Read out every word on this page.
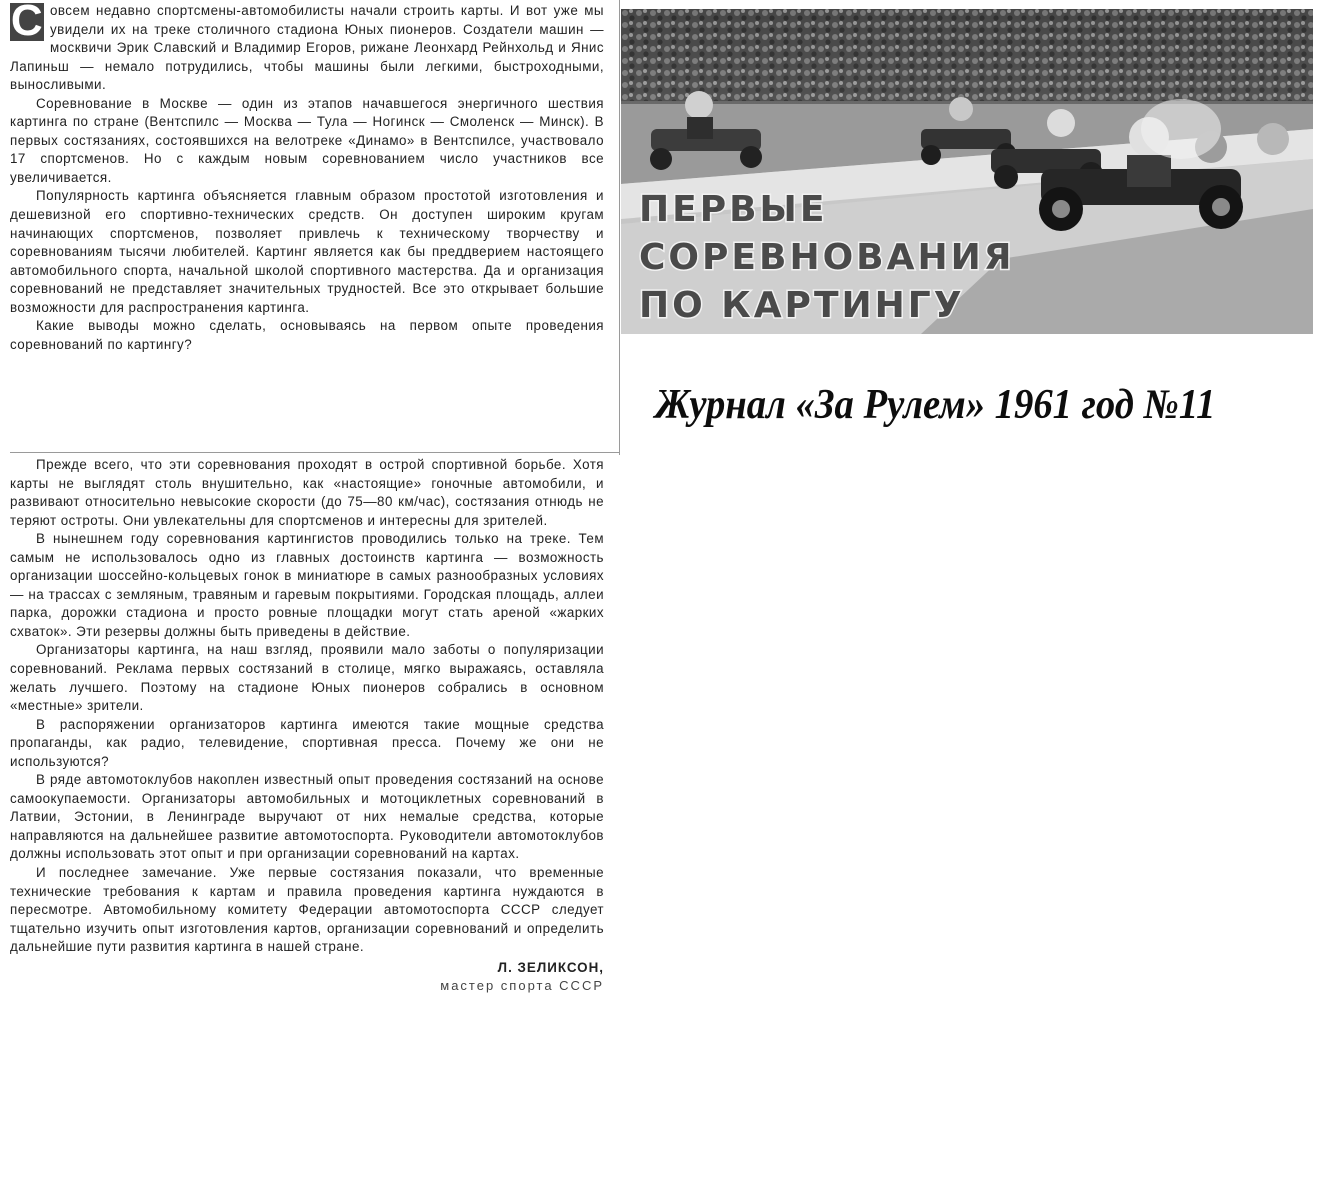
С овсем недавно спортсмены-автомобилисты начали строить карты. И вот уже мы увидели их на треке столичного стадиона Юных пионеров. Создатели машин — москвичи Эрик Славский и Владимир Егоров, рижане Леонхард Рейнхольд и Янис Лапиньш — немало потрудились, чтобы машины были легкими, быстроходными, выносливыми.

Соревнование в Москве — один из этапов начавшегося энергичного шествия картинга по стране (Вентспилс — Москва — Тула — Ногинск — Смоленск — Минск). В первых состязаниях, состоявшихся на велотреке «Динамо» в Вентспилсе, участвовало 17 спортсменов. Но с каждым новым соревнованием число участников все увеличивается.

Популярность картинга объясняется главным образом простотой изготовления и дешевизной его спортивно-технических средств. Он доступен широким кругам начинающих спортсменов, позволяет привлечь к техническому творчеству и соревнованиям тысячи любителей. Картинг является как бы преддверием настоящего автомобильного спорта, начальной школой спортивного мастерства. Да и организация соревнований не представляет значительных трудностей. Все это открывает большие возможности для распространения картинга.

Какие выводы можно сделать, основываясь на первом опыте проведения соревнований по картингу?

Прежде всего, что эти соревнования проходят в острой спортивной борьбе. Хотя карты не выглядят столь внушительно, как «настоящие» гоночные автомобили, и развивают относительно невысокие скорости (до 75—80 км/час), состязания отнюдь не теряют остроты. Они увлекательны для спортсменов и интересны для зрителей.

В нынешнем году соревнования картингистов проводились только на треке. Тем самым не использовалось одно из главных достоинств картинга — возможность организации шоссейно-кольцевых гонок в миниатюре в самых разнообразных условиях — на трассах с земляным, травяным и гаревым покрытиями. Городская площадь, аллеи парка, дорожки стадиона и просто ровные площадки могут стать ареной «жарких схваток». Эти резервы должны быть приведены в действие.

Организаторы картинга, на наш взгляд, проявили мало заботы о популяризации соревнований. Реклама первых состязаний в столице, мягко выражаясь, оставляла желать лучшего. Поэтому на стадионе Юных пионеров собрались в основном «местные» зрители.

В распоряжении организаторов картинга имеются такие мощные средства пропаганды, как радио, телевидение, спортивная пресса. Почему же они не используются?

В ряде автомотоклубов накоплен известный опыт проведения состязаний на основе самоокупаемости. Организаторы автомобильных и мотоциклетных соревнований в Латвии, Эстонии, в Ленинграде выручают от них немалые средства, которые направляются на дальнейшее развитие автомотоспорта. Руководители автомотоклубов должны использовать этот опыт и при организации соревнований на картах.

И последнее замечание. Уже первые состязания показали, что временные технические требования к картам и правила проведения картинга нуждаются в пересмотре. Автомобильному комитету Федерации автомотоспорта СССР следует тщательно изучить опыт изготовления картов, организации соревнований и определить дальнейшие пути развития картинга в нашей стране.

Л. ЗЕЛИКСОН,
мастер спорта СССР
ПЕРВЫЕ
СОРЕВНОВАНИЯ
ПО КАРТИНГУ
Журнал «За Рулем» 1961 год №11
